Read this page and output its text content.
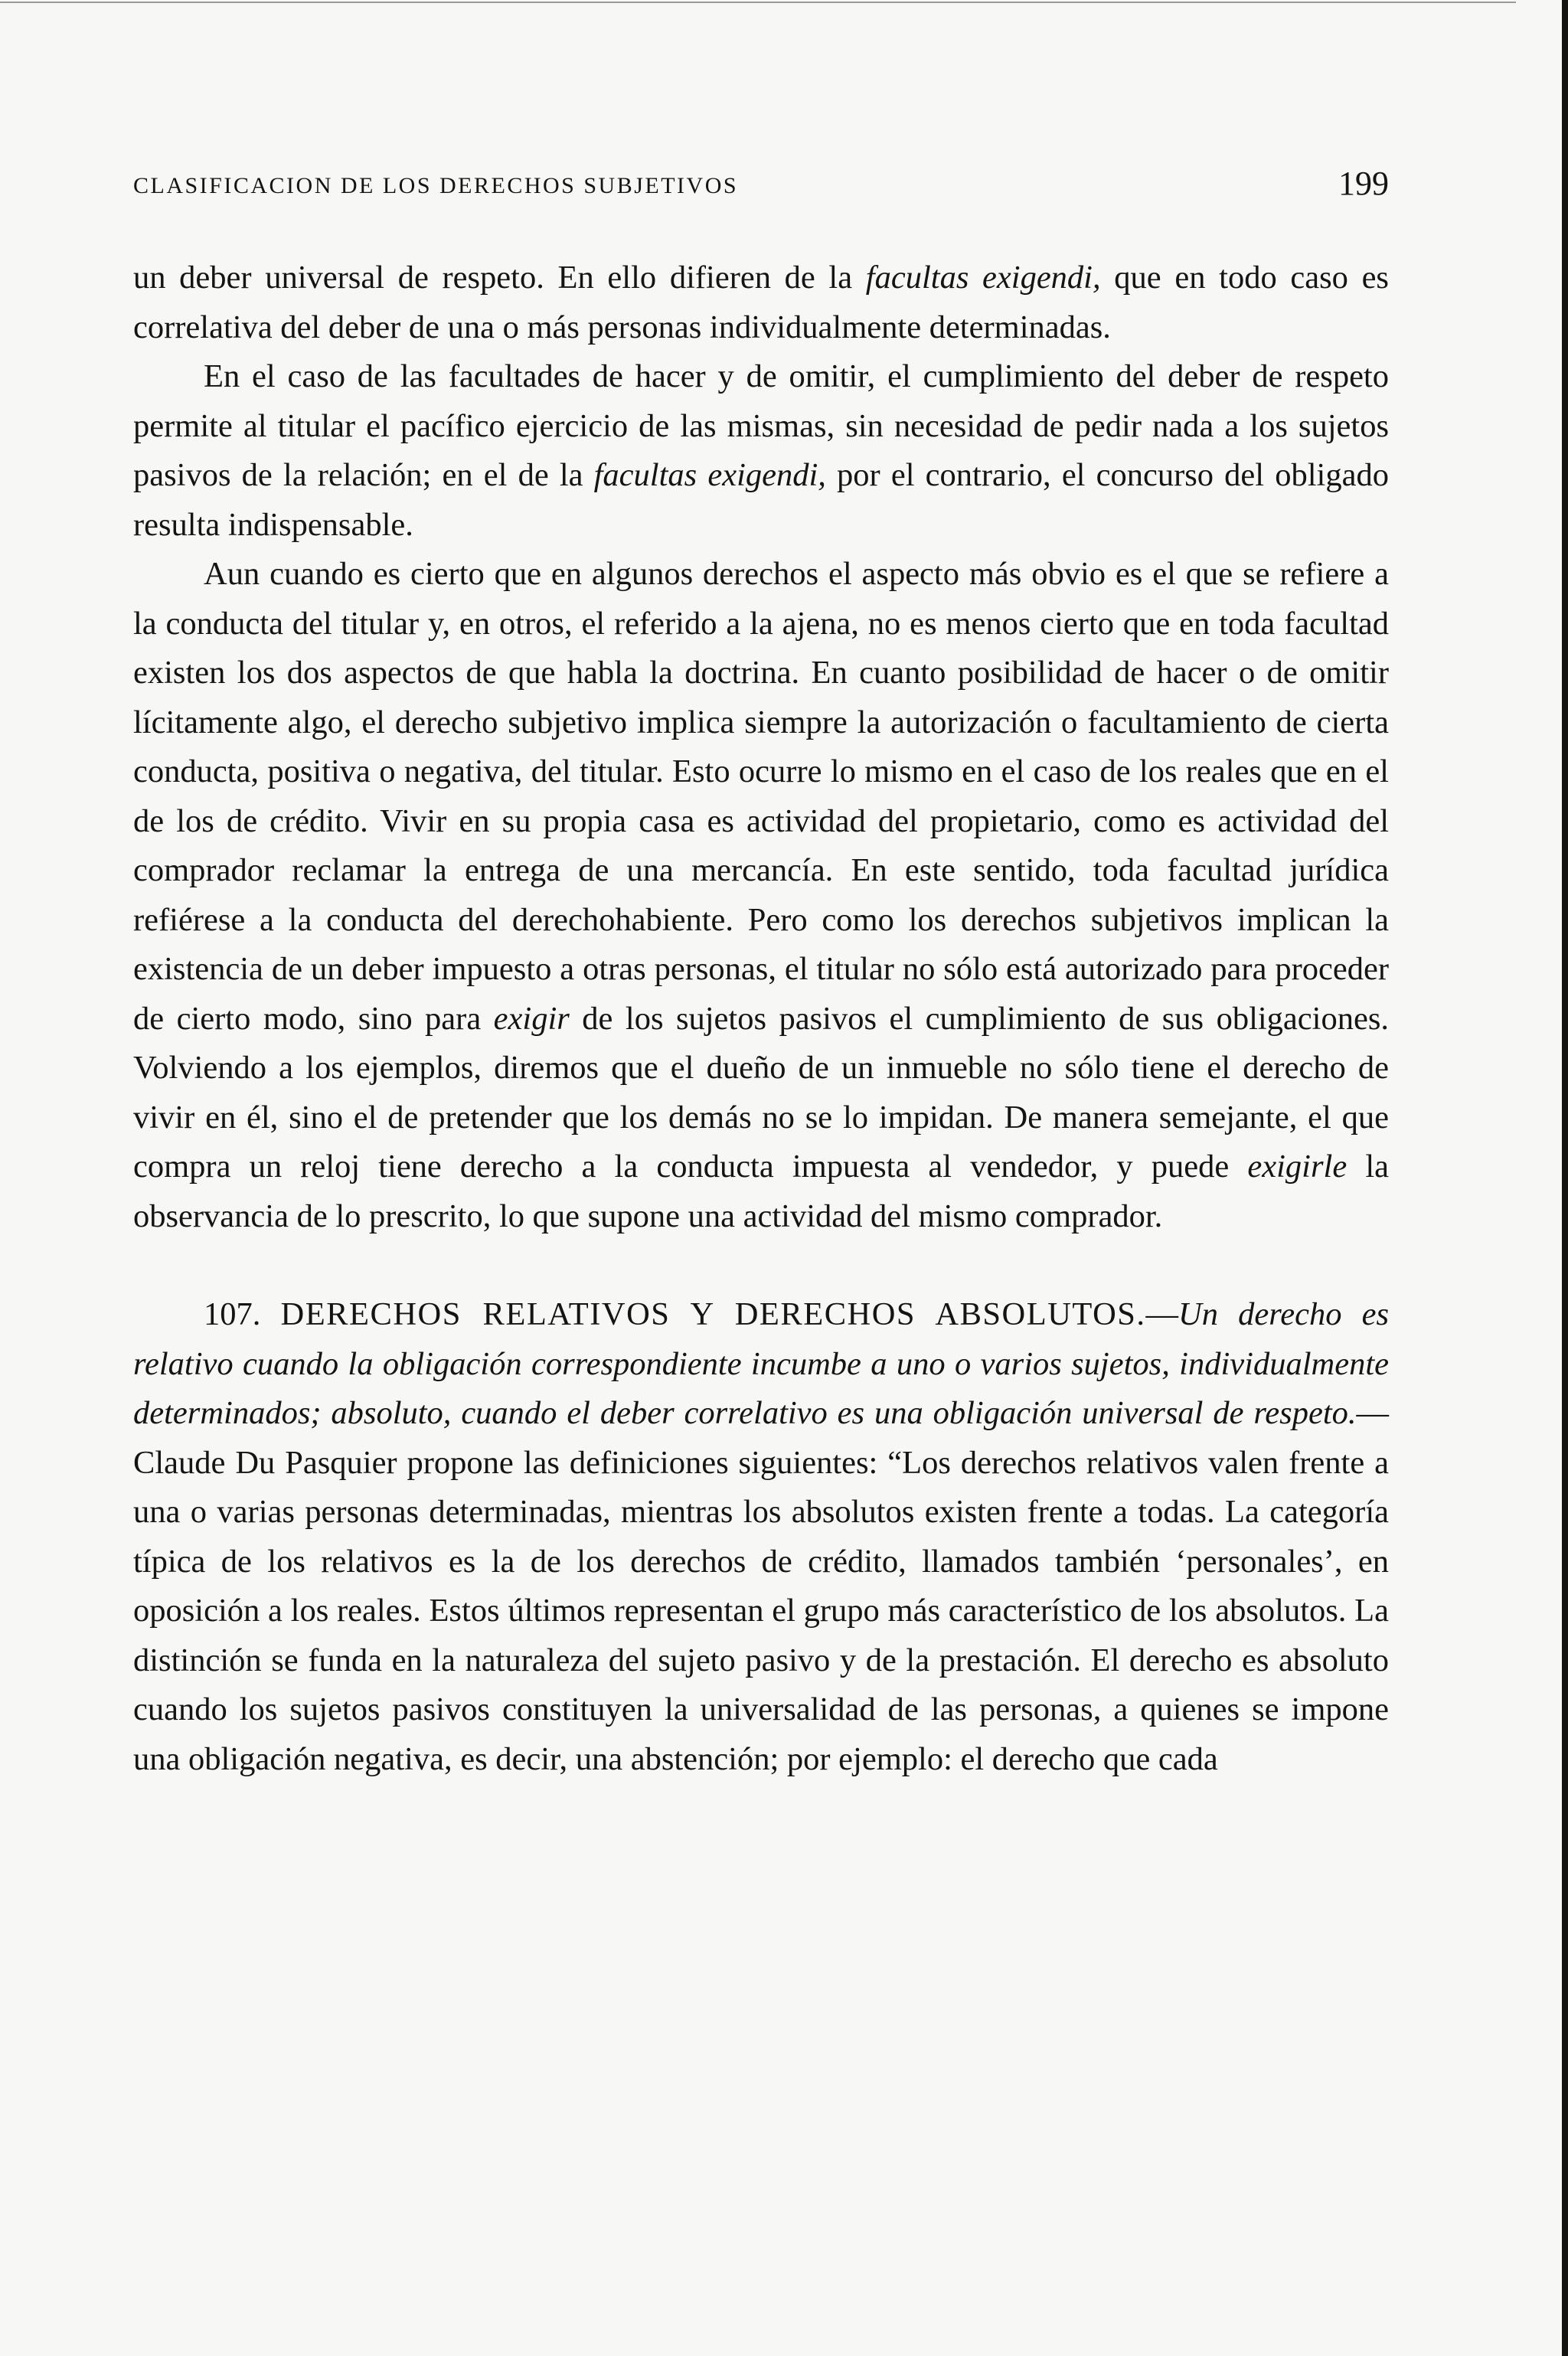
CLASIFICACION DE LOS DERECHOS SUBJETIVOS	199

un deber universal de respeto. En ello difieren de la facultas exigendi, que en todo caso es correlativa del deber de una o más personas individualmente determinadas.

En el caso de las facultades de hacer y de omitir, el cumplimiento del deber de respeto permite al titular el pacífico ejercicio de las mismas, sin necesidad de pedir nada a los sujetos pasivos de la relación; en el de la facultas exigendi, por el contrario, el concurso del obligado resulta indispensable.

Aun cuando es cierto que en algunos derechos el aspecto más obvio es el que se refiere a la conducta del titular y, en otros, el referido a la ajena, no es menos cierto que en toda facultad existen los dos aspectos de que habla la doctrina. En cuanto posibilidad de hacer o de omitir lícitamente algo, el derecho subjetivo implica siempre la autorización o facultamiento de cierta conducta, positiva o negativa, del titular. Esto ocurre lo mismo en el caso de los reales que en el de los de crédito. Vivir en su propia casa es actividad del propietario, como es actividad del comprador reclamar la entrega de una mercancía. En este sentido, toda facultad jurídica refiérese a la conducta del derechohabiente. Pero como los derechos subjetivos implican la existencia de un deber impuesto a otras personas, el titular no sólo está autorizado para proceder de cierto modo, sino para exigir de los sujetos pasivos el cumplimiento de sus obligaciones. Volviendo a los ejemplos, diremos que el dueño de un inmueble no sólo tiene el derecho de vivir en él, sino el de pretender que los demás no se lo impidan. De manera semejante, el que compra un reloj tiene derecho a la conducta impuesta al vendedor, y puede exigirle la observancia de lo prescrito, lo que supone una actividad del mismo comprador.

107. DERECHOS RELATIVOS Y DERECHOS ABSOLUTOS.—Un derecho es relativo cuando la obligación correspondiente incumbe a uno o varios sujetos, individualmente determinados; absoluto, cuando el deber correlativo es una obligación universal de respeto.—Claude Du Pasquier propone las definiciones siguientes: “Los derechos relativos valen frente a una o varias personas determinadas, mientras los absolutos existen frente a todas. La categoría típica de los relativos es la de los derechos de crédito, llamados también ‘personales’, en oposición a los reales. Estos últimos representan el grupo más característico de los absolutos. La distinción se funda en la naturaleza del sujeto pasivo y de la prestación. El derecho es absoluto cuando los sujetos pasivos constituyen la universalidad de las personas, a quienes se impone una obligación negativa, es decir, una abstención; por ejemplo: el derecho que cada
